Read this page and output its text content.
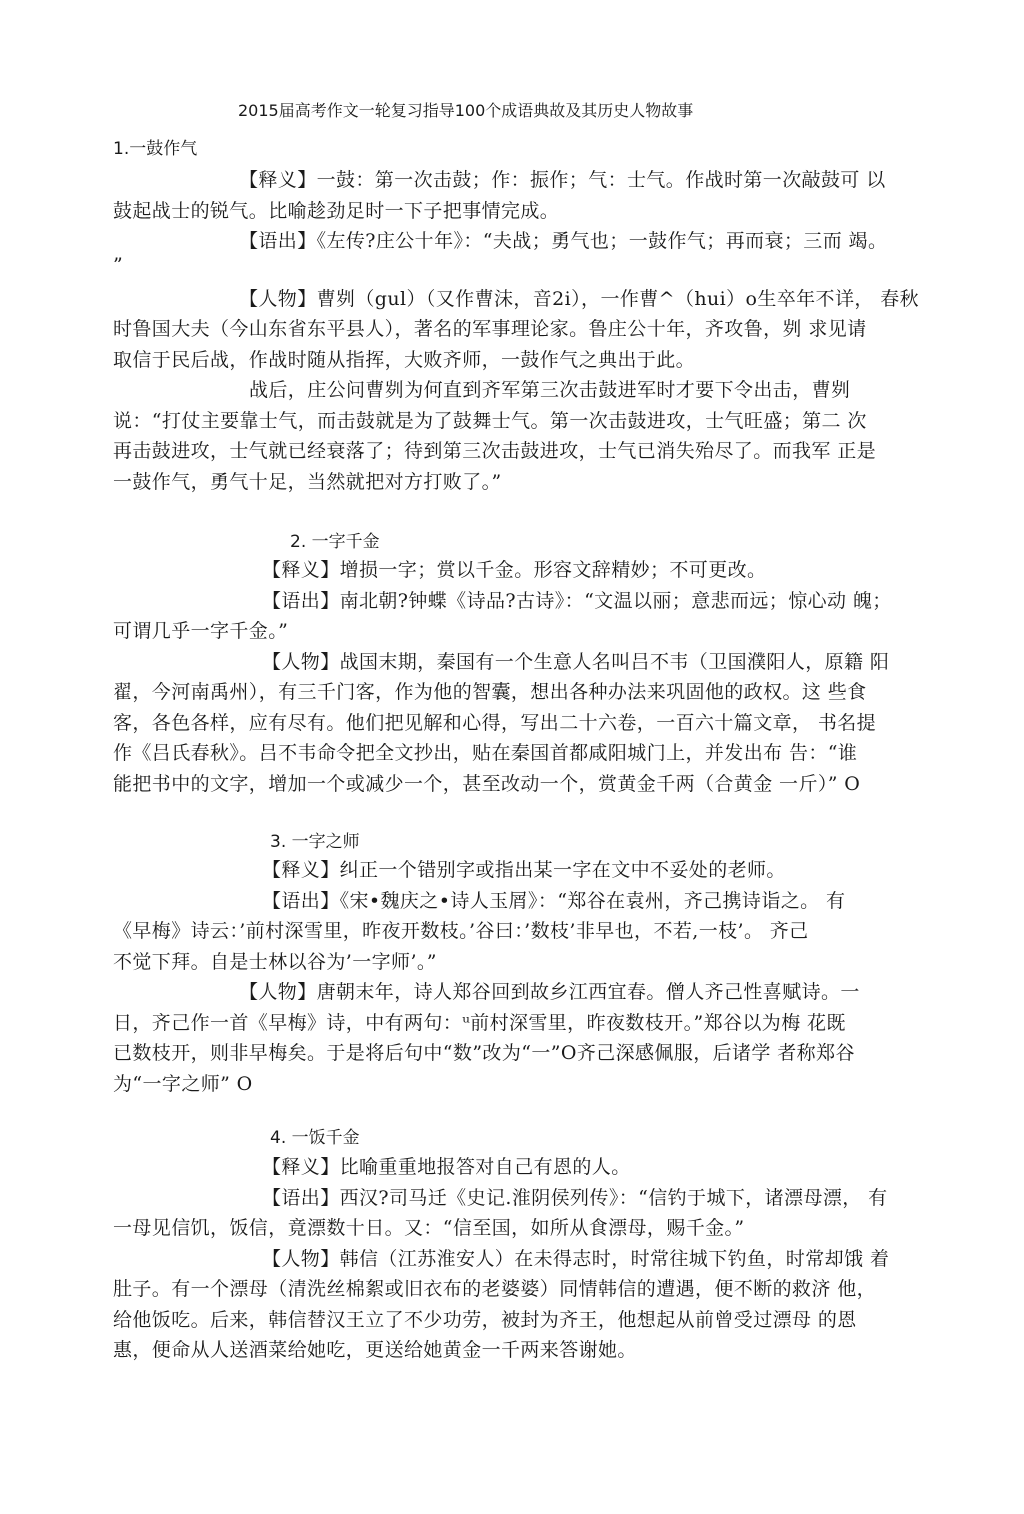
2015届高考作文一轮复习指导100个成语典故及其历史人物故事
1.一鼓作气
【释义】一鼓：第一次击鼓；作：振作；气：士气。作战时第一次敲鼓可 以
鼓起战士的锐气。比喻趁劲足时一下子把事情完成。
【语出】《左传?庄公十年》：“夫战；勇气也；一鼓作气；再而衰；三而 竭。
”
【人物】曹刿（gul）（又作曹沫，音2i），一作曹^（hui）o生卒年不详， 春秋
时鲁国大夫（今山东省东平县人），著名的军事理论家。鲁庄公十年，齐攻鲁，刿 求见请
取信于民后战，作战时随从指挥，大败齐师，一鼓作气之典出于此。
战后，庄公问曹刿为何直到齐军第三次击鼓进军时才要下令出击，曹刿
说：“打仗主要靠士气，而击鼓就是为了鼓舞士气。第一次击鼓进攻，士气旺盛；第二 次
再击鼓进攻，士气就已经衰落了；待到第三次击鼓进攻，士气已消失殆尽了。而我军 正是
一鼓作气，勇气十足，当然就把对方打败了。”
2. 一字千金
【释义】增损一字；赏以千金。形容文辞精妙；不可更改。
【语出】南北朝?钟蝶《诗品?古诗》：“文温以丽；意悲而远；惊心动 魄；
可谓几乎一字千金。”
【人物】战国末期，秦国有一个生意人名叫吕不韦（卫国濮阳人，原籍 阳
翟，今河南禹州），有三千门客，作为他的智囊，想出各种办法来巩固他的政权。这 些食
客，各色各样，应有尽有。他们把见解和心得，写出二十六卷，一百六十篇文章， 书名提
作《吕氏春秋》。吕不韦命令把全文抄出，贴在秦国首都咸阳城门上，并发出布 告：“谁
能把书中的文字，增加一个或减少一个，甚至改动一个，赏黄金千两（合黄金 一斤）” O
3. 一字之师
【释义】纠正一个错别字或指出某一字在文中不妥处的老师。
【语出】《宋•魏庆之•诗人玉屑》：“郑谷在袁州，齐己携诗诣之。 有
《早梅》诗云：’前村深雪里，昨夜开数枝。’谷曰：’数枝’非早也，不若,一枝’。 齐己
不觉下拜。自是士林以谷为’一字师’。”
【人物】唐朝末年，诗人郑谷回到故乡江西宜春。僧人齐己性喜赋诗。一
日，齐己作一首《早梅》诗，中有两句：ᵘ前村深雪里，昨夜数枝开。”郑谷以为梅 花既
已数枝开，则非早梅矣。于是将后句中“数”改为“一”O齐己深感佩服，后诸学 者称郑谷
为“一字之师” O
4. 一饭千金
【释义】比喻重重地报答对自己有恩的人。
【语出】西汉?司马迁《史记.淮阴侯列传》：“信钓于城下，诸漂母漂， 有
一母见信饥，饭信，竟漂数十日。又：“信至国，如所从食漂母，赐千金。”
【人物】韩信（江苏淮安人）在未得志时，时常往城下钓鱼，时常却饿 着
肚子。有一个漂母（清洗丝棉絮或旧衣布的老婆婆）同情韩信的遭遇，便不断的救济 他，
给他饭吃。后来，韩信替汉王立了不少功劳，被封为齐王，他想起从前曾受过漂母 的恩
惠，便命从人送酒菜给她吃，更送给她黄金一千两来答谢她。
